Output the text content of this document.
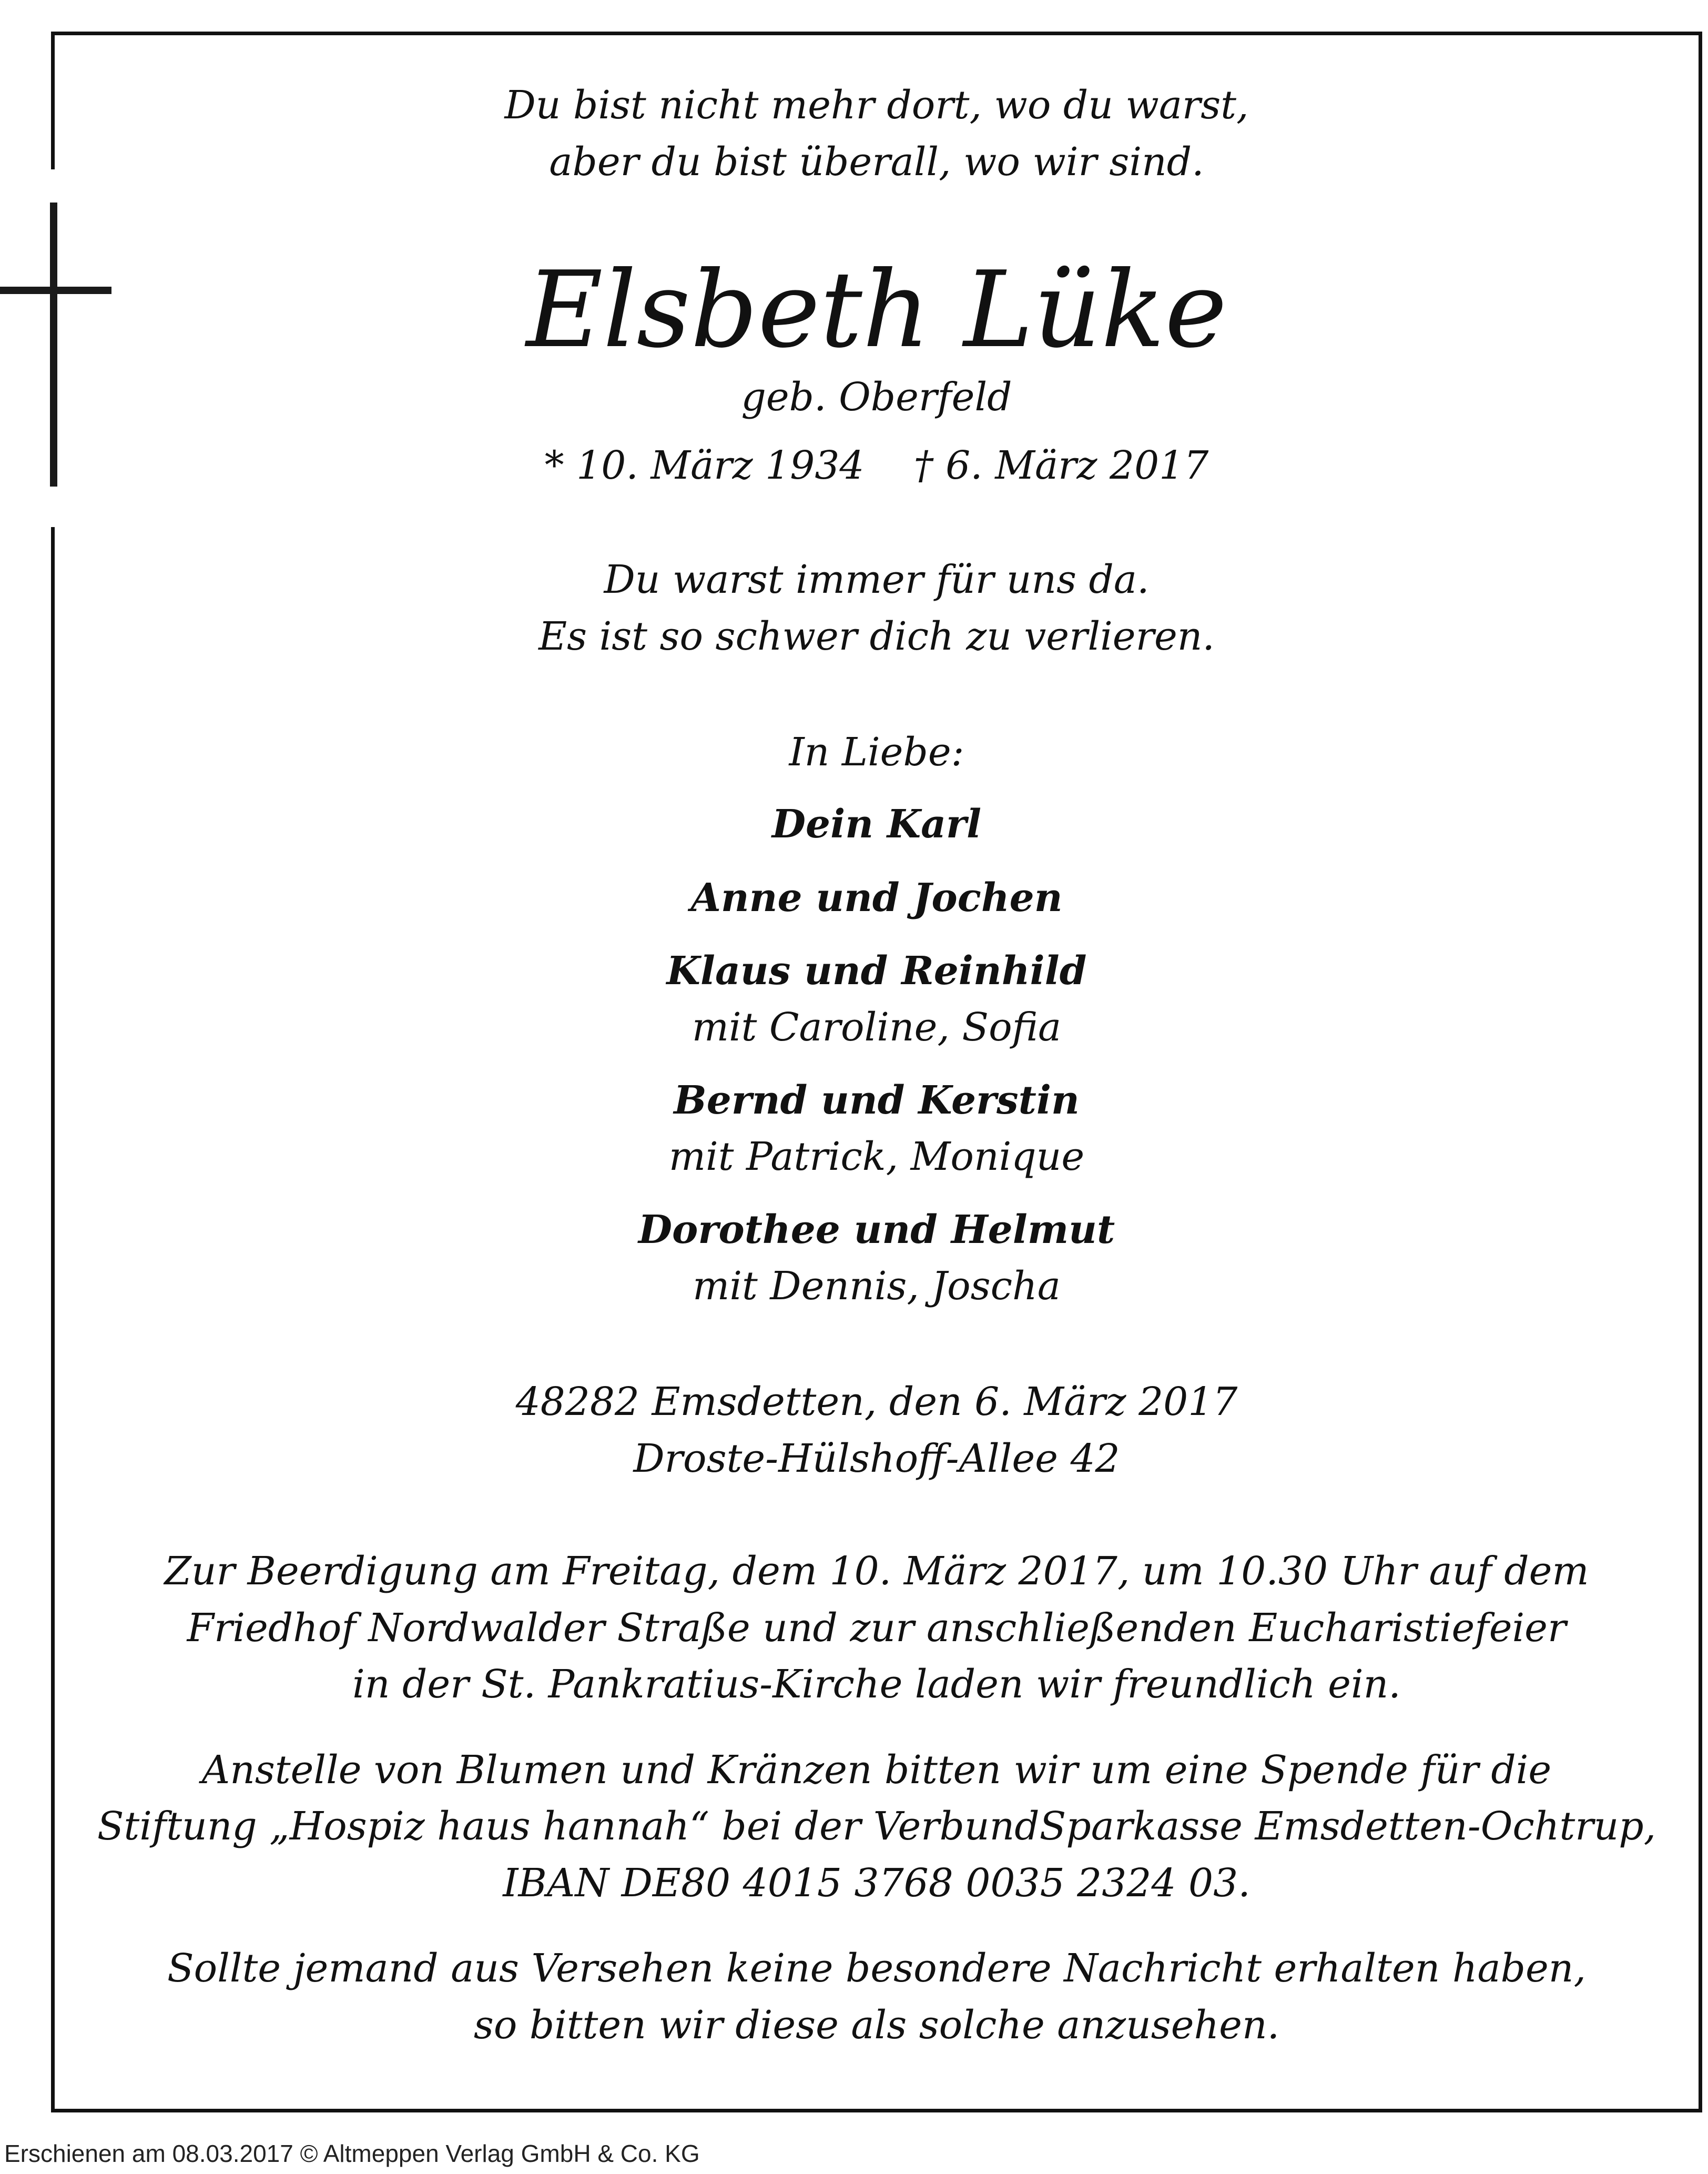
Du bist nicht mehr dort, wo du warst,
aber du bist überall, wo wir sind.
Elsbeth Lüke
geb. Oberfeld
* 10. März 1934    † 6. März 2017
Du warst immer für uns da.
Es ist so schwer dich zu verlieren.
In Liebe:
Dein Karl
Anne und Jochen
Klaus und Reinhild
mit Caroline, Sofia
Bernd und Kerstin
mit Patrick, Monique
Dorothee und Helmut
mit Dennis, Joscha
48282 Emsdetten, den 6. März 2017
Droste-Hülshoff-Allee 42
Zur Beerdigung am Freitag, dem 10. März 2017, um 10.30 Uhr auf dem
Friedhof Nordwalder Straße und zur anschließenden Eucharistiefeier
in der St. Pankratius-Kirche laden wir freundlich ein.
Anstelle von Blumen und Kränzen bitten wir um eine Spende für die
Stiftung „Hospiz haus hannah“ bei der VerbundSparkasse Emsdetten-Ochtrup,
IBAN DE80 4015 3768 0035 2324 03.
Sollte jemand aus Versehen keine besondere Nachricht erhalten haben,
so bitten wir diese als solche anzusehen.
Erschienen am 08.03.2017 © Altmeppen Verlag GmbH & Co. KG
